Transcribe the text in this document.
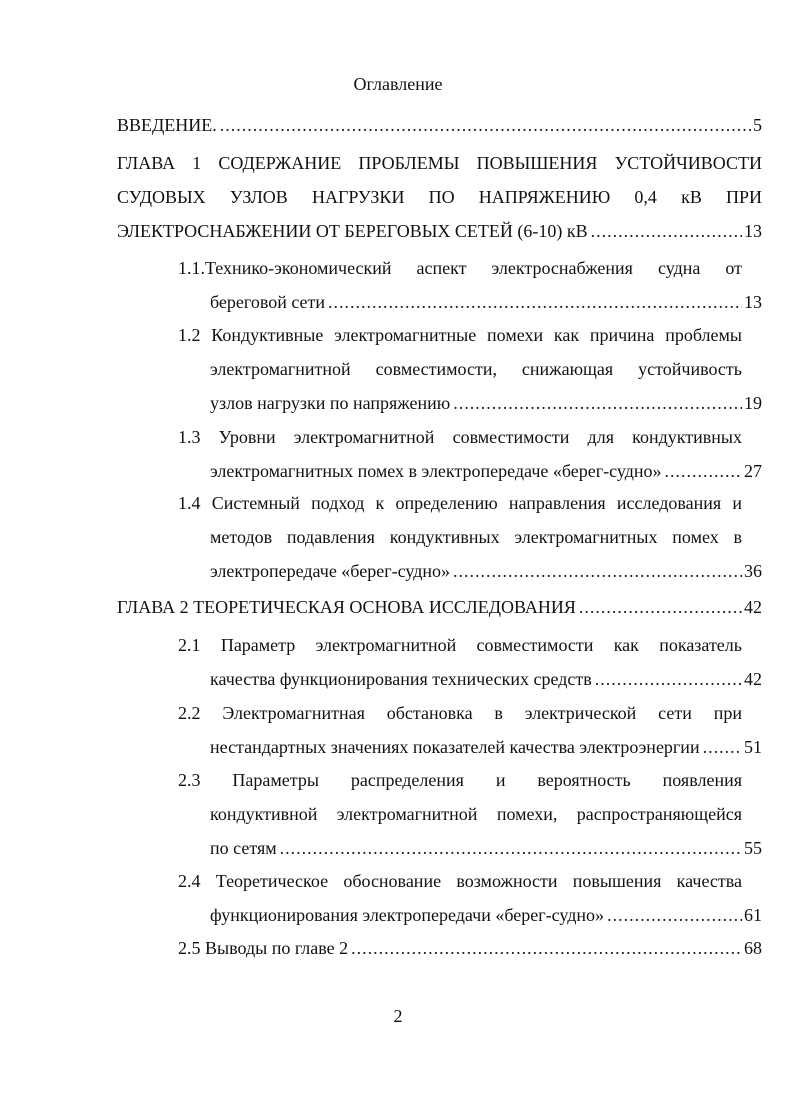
Оглавление
ВВЕДЕНИЕ. .....	5
ГЛАВА 1 СОДЕРЖАНИЕ ПРОБЛЕМЫ ПОВЫШЕНИЯ УСТОЙЧИВОСТИ
СУДОВЫХ УЗЛОВ НАГРУЗКИ ПО НАПРЯЖЕНИЮ 0,4 кВ ПРИ
ЭЛЕКТРОСНАБЖЕНИИ ОТ БЕРЕГОВЫХ СЕТЕЙ (6-10) кВ .....	13
1.1.Технико-экономический аспект электроснабжения судна от
береговой сети .....	13
1.2 Кондуктивные электромагнитные помехи как причина проблемы
электромагнитной совместимости, снижающая устойчивость
узлов нагрузки по напряжению .....	19
1.3 Уровни электромагнитной совместимости для кондуктивных
электромагнитных помех в электропередаче «берег-судно» .....	27
1.4 Системный подход к определению направления исследования и
методов подавления кондуктивных электромагнитных помех в
электропередаче «берег-судно» .....	36
ГЛАВА 2 ТЕОРЕТИЧЕСКАЯ ОСНОВА ИССЛЕДОВАНИЯ .....	42
2.1 Параметр электромагнитной совместимости как показатель
качества функционирования технических средств .....	42
2.2 Электромагнитная обстановка в электрической сети при
нестандартных значениях показателей качества электроэнергии ..... 51
2.3 Параметры распределения и вероятность появления
кондуктивной электромагнитной помехи, распространяющейся
по сетям .....	55
2.4 Теоретическое обоснование возможности повышения качества
функционирования электропередачи «берег-судно» .....	61
2.5 Выводы по главе 2 .....	68
2
